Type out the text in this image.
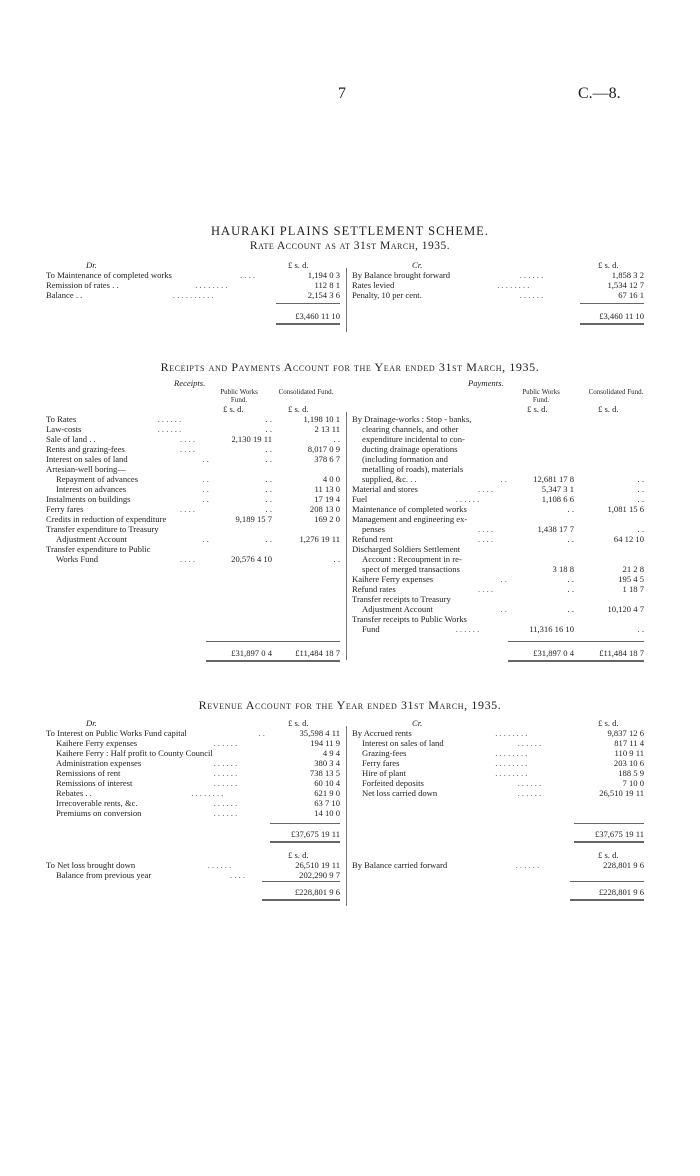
7	C.—8.
HAURAKI PLAINS SETTLEMENT SCHEME.
Rate Account as at 31st March, 1935.
Dr.	Cr.
£ s. d.	£ s. d.
To Maintenance of completed works	. . . .	1,194 0 3
Remission of rates . .	. . . . . . . .	112 8 1
Balance . .	. . . . . . . . . .	2,154 3 6
By Balance brought forward	. . . . . .	1,858 3 2
Rates levied	. . . . . . . .	1,534 12 7
Penalty, 10 per cent.	. . . . . .	67 16 1
£3,460 11 10	£3,460 11 10
Receipts and Payments Account for the Year ended 31st March, 1935.
Receipts.	Payments.
Public Works Fund.
Consolidated Fund.	Public Works Fund.
Consolidated Fund.
£ s. d.	£ s. d.	£ s. d.	£ s. d.
To Rates	. . . . . .	. .	1,198 10 1
Law-costs	. . . . . .	. .	2 13 11
Sale of land . .	. . . .	2,130 19 11	. .
Rents and grazing-fees	. . . .	. .	8,017 0 9
Interest on sales of land	. .	. .	378 6 7
Artesian-well boring—
Repayment of advances	. .	. .	4 0 0
Interest on advances	. .	. .	11 13 0
Instalments on buildings	. .	. .	17 19 4
Ferry fares	. . . .	. .	208 13 0
Credits in reduction of expenditure	9,189 15 7	169 2 0
Transfer expenditure to Treasury
Adjustment Account	. .	. .	1,276 19 11
Transfer expenditure to Public
Works Fund	. . . .	20,576 4 10	. .
By Drainage-works : Stop - banks,
clearing channels, and other
expenditure incidental to con-
ducting drainage operations
(including formation and
metalling of roads), materials
supplied, &c. . .	. .	12,681 17 8	. .
Material and stores	. . . .	5,347 3 1	. .
Fuel	. . . . . .	1,108 6 6	. .
Maintenance of completed works	. .	1,081 15 6
Management and engineering ex-
penses	. . . .	1,438 17 7	. .
Refund rent	. . . .	. .	64 12 10
Discharged Soldiers Settlement
Account : Recoupment in re-
spect of merged transactions	3 18 8	21 2 8
Kaihere Ferry expenses	. .	. .	195 4 5
Refund rates	. . . .	. .	1 18 7
Transfer receipts to Treasury
Adjustment Account	. .	. .	10,120 4 7
Transfer receipts to Public Works
Fund	. . . . . .	11,316 16 10	. .
£31,897 0 4	£11,484 18 7	£31,897 0 4	£11,484 18 7
Revenue Account for the Year ended 31st March, 1935.
Dr.	Cr.
£ s. d.	£ s. d.
To Interest on Public Works Fund capital	. .	35,598 4 11
Kaihere Ferry expenses	. . . . . .	194 11 9
Kaihere Ferry : Half profit to County Council	4 9 4
Administration expenses	. . . . . .	380 3 4
Remissions of rent	. . . . . .	738 13 5
Remissions of interest	. . . . . .	60 10 4
Rebates . .	. . . . . . . .	621 9 0
Irrecoverable rents, &c.	. . . . . .	63 7 10
Premiums on conversion	. . . . . .	14 10 0
By Accrued rents	. . . . . . . .	9,837 12 6
Interest on sales of land	. . . . . .	817 11 4
Grazing-fees	. . . . . . . .	110 9 11
Ferry fares	. . . . . . . .	203 10 6
Hire of plant	. . . . . . . .	188 5 9
Forfeited deposits	. . . . . .	7 10 0
Net loss carried down	. . . . . .	26,510 19 11
£37,675 19 11	£37,675 19 11
£ s. d.	£ s. d.
To Net loss brought down	. . . . . .	26,510 19 11
Balance from previous year	. . . .	202,290 9 7
By Balance carried forward	. . . . . .	228,801 9 6
£228,801 9 6	£228,801 9 6
